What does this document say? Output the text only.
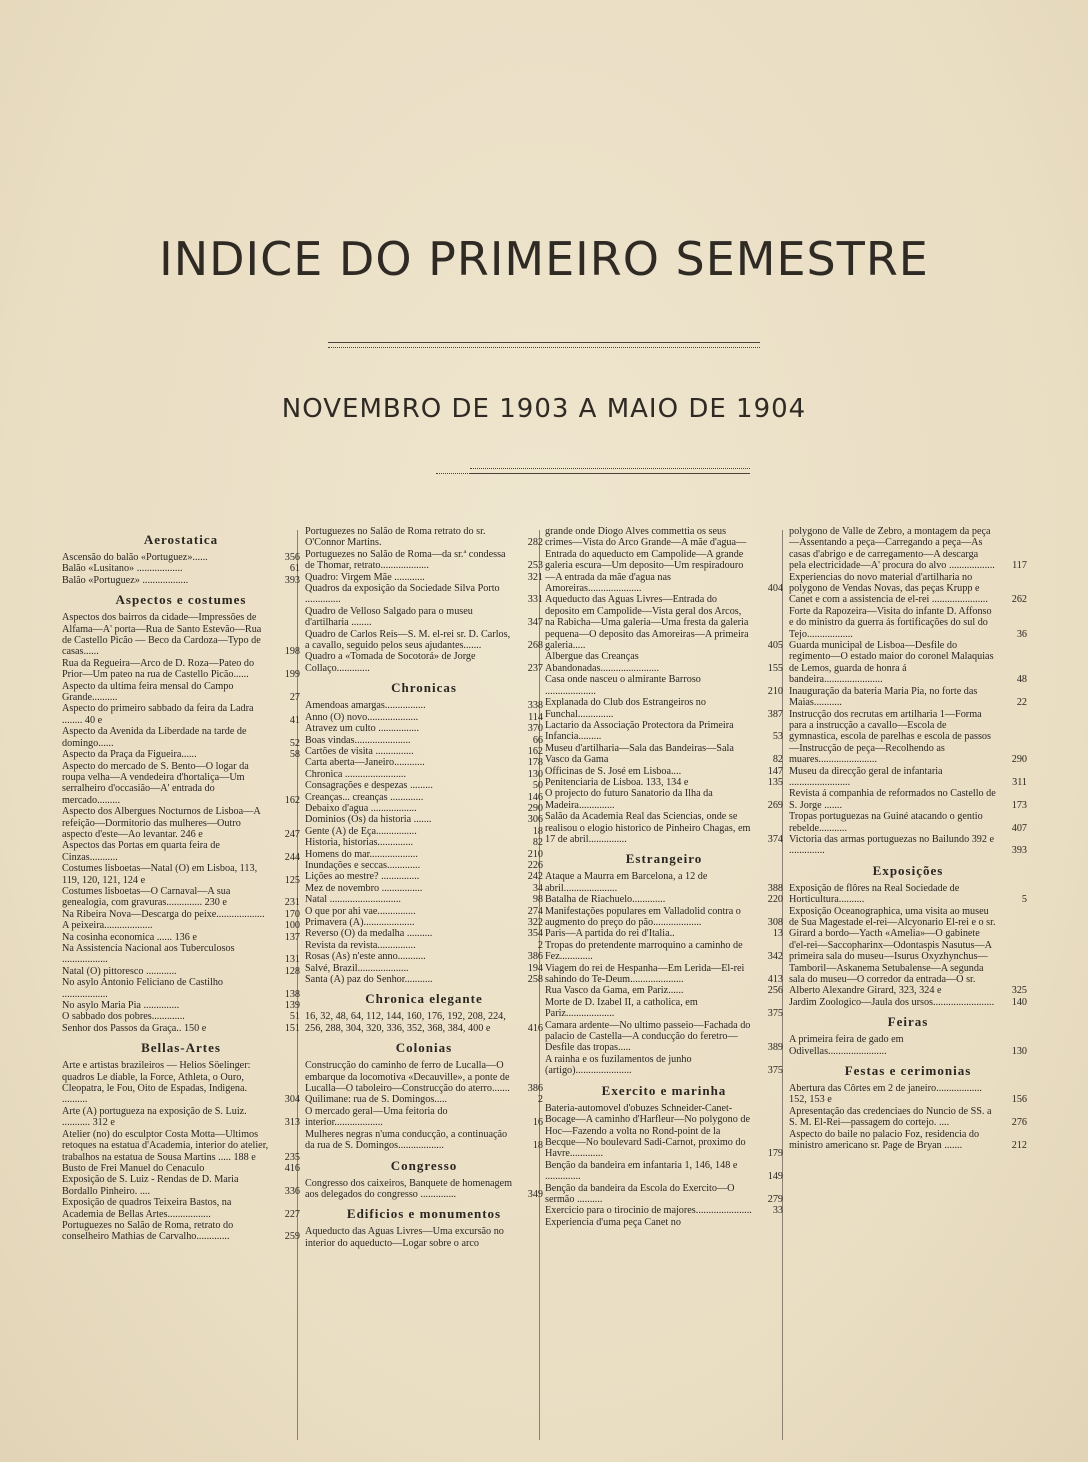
INDICE DO PRIMEIRO SEMESTRE
NOVEMBRO DE 1903 A MAIO DE 1904
Aerostatica
Ascensão do balão «Portuguez»......	356
Balão «Lusitano» ..................	61
Balão «Portuguez» ..................	393
Aspectos e costumes
Aspectos dos bairros da cidade—Impressões de Alfama—A' porta—Rua de Santo Estevão—Rua de Castello Picão — Beco da Cardoza—Typo de casas......	198
Rua da Regueira—Arco de D. Roza—Pateo do Prior—Um pateo na rua de Castello Picão......	199
Aspecto da ultima feira mensal do Campo Grande..........	27
Aspecto do primeiro sabbado da feira da Ladra ........ 40 e	41
Aspecto da Avenida da Liberdade na tarde de domingo......	52
Aspecto da Praça da Figueira......	58
Aspecto do mercado de S. Bento—O logar da roupa velha—A vendedeira d'hortaliça—Um serralheiro d'occasião—A' entrada do mercado.........	162
Aspecto dos Albergues Nocturnos de Lisboa—A refeição—Dormitorio das mulheres—Outro aspecto d'este—Ao levantar. 246 e	247
Aspectos das Portas em quarta feira de Cinzas...........	244
Costumes lisboetas—Natal (O) em Lisboa, 113, 119, 120, 121, 124 e	125
Costumes lisboetas—O Carnaval—A sua genealogia, com gravuras.............. 230 e	231
Na Ribeira Nova—Descarga do peixe...................	170
A peixeira...................	100
Na cosinha economica ...... 136 e	137
Na Assistencia Nacional aos Tuberculosos ..................	131
Natal (O) pittoresco ............	128
No asylo Antonio Feliciano de Castilho ..................	138
No asylo Maria Pia ..............	139
O sabbado dos pobres.............	51
Senhor dos Passos da Graça.. 150 e	151
Bellas-Artes
Arte e artistas brazileiros — Helios Söelinger: quadros Le diable, la Force, Athleta, o Ouro, Cleopatra, le Fou, Oito de Espadas, Indigena. ..........	304
Arte (A) portugueza na exposição de S. Luiz. ........... 312 e	313
Atelier (no) do esculptor Costa Motta—Ultimos retoques na estatua d'Academia, interior do atelier, trabalhos na estatua de Sousa Martins ..... 188 e	235
Busto de Frei Manuel do Cenaculo	416
Exposição de S. Luiz - Rendas de D. Maria Bordallo Pinheiro. ....	336
Exposição de quadros Teixeira Bastos, na Academia de Bellas Artes.................	227
Portuguezes no Salão de Roma, retrato do conselheiro Mathias de Carvalho.............	259
Portuguezes no Salão de Roma retrato do sr. O'Connor Martins.	282
Portuguezes no Salão de Roma—da sr.ª condessa de Thomar, retrato...................	253
Quadro: Virgem Mãe ............	321
Quadros da exposição da Sociedade Silva Porto ..............	331
Quadro de Velloso Salgado para o museu d'artilharia ........	347
Quadro de Carlos Reis—S. M. el-rei sr. D. Carlos, a cavallo, seguido pelos seus ajudantes.......	268
Quadro a «Tomada de Socotorá» de Jorge Collaço.............	237
Chronicas
Amendoas amargas................	338
Anno (O) novo....................	114
Atravez um culto ................	370
Boas vindas......................	66
Cartões de visita ...............	162
Carta aberta—Janeiro............	178
Chronica ........................	130
Consagrações e despezas .........	50
Creanças... creanças .............	146
Debaixo d'agua ..................	290
Dominios (Os) da historia .......	306
Gente (A) de Eça................	18
Historia, historias..............	82
Homens do mar...................	210
Inundações e seccas.............	226
Lições ao mestre? ...............	242
Mez de novembro ................	34
Natal ............................	98
O que por ahi vae...............	274
Primavera (A)....................	322
Reverso (O) da medalha ..........	354
Revista da revista...............	2
Rosas (As) n'este anno...........	386
Salvé, Brazil....................	194
Santa (A) paz do Senhor...........	258
Chronica elegante
16, 32, 48, 64, 112, 144, 160, 176, 192, 208, 224, 256, 288, 304, 320, 336, 352, 368, 384, 400 e	416
Colonias
Construcção do caminho de ferro de Lucalla—O embarque da locomotiva «Decauville», a ponte de Lucalla—O taboleiro—Construcção do aterro.......	386
Quilimane: rua de S. Domingos.....	2
O mercado geral—Uma feitoria do interior...................	16
Mulheres negras n'uma conducção, a continuação da rua de S. Domingos..................	18
Congresso
Congresso dos caixeiros, Banquete de homenagem aos delegados do congresso ..............	349
Edificios e monumentos
Aqueducto das Aguas Livres—Uma excursão no interior do aqueducto—Logar sobre o arco
grande onde Diogo Alves commettia os seus crimes—Vista do Arco Grande—A mãe d'agua—Entrada do aqueducto em Campolide—A grande galeria escura—Um deposito—Um respiradouro—A entrada da mãe d'agua nas Amoreiras.....................	404
Aqueducto das Aguas Livres—Entrada do deposito em Campolide—Vista geral dos Arcos, na Rabicha—Uma galeria—Uma fresta da galeria pequena—O deposito das Amoreiras—A primeira galeria.....	405
Albergue das Creanças Abandonadas.......................	155
Casa onde nasceu o almirante Barroso ....................	210
Explanada do Club dos Estrangeiros no Funchal..............	387
Lactario da Associação Protectora da Primeira Infancia.........	53
Museu d'artilharia—Sala das Bandeiras—Sala Vasco da Gama	82
Officinas de S. José em Lisboa....	147
Penitenciaria de Lisboa. 133, 134 e	135
O projecto do futuro Sanatorio da Ilha da Madeira..............	269
Salão da Academia Real das Sciencias, onde se realisou o elogio historico de Pinheiro Chagas, em 17 de abril...............	374
Estrangeiro
Ataque a Maurra em Barcelona, a 12 de abril.....................	388
Batalha de Riachuelo.............	220
Manifestações populares em Valladolid contra o augmento do preço do pão...................	308
Paris—A partida do rei d'Italia..	13
Tropas do pretendente marroquino a caminho de Fez.............	342
Viagem do rei de Hespanha—Em Lerida—El-rei sahindo do Te-Deum.....................	413
Rua Vasco da Gama, em Pariz......	256
Morte de D. Izabel II, a catholica, em Pariz...................	375
Camara ardente—No ultimo passeio—Fachada do palacio de Castella—A conducção do feretro—Desfile das tropas.....	389
A rainha e os fuzilamentos de junho (artigo)......................	375
Exercito e marinha
Bateria-automovel d'obuzes Schneider-Canet-Bocage—A caminho d'Harfleur—No polygono de Hoc—Fazendo a volta no Rond-point de la Becque—No boulevard Sadi-Carnot, proximo do Havre.............	179
Benção da bandeira em infantaria 1, 146, 148 e ..............	149
Benção da bandeira da Escola do Exercito—O sermão ..........	279
Exercicio para o tirocinio de majores......................	33
Experiencia d'uma peça Canet no
polygono de Valle de Zebro, a montagem da peça—Assentando a peça—Carregando a peça—As casas d'abrigo e de carregamento—A descarga pela electricidade—A' procura do alvo ..................	117
Experiencias do novo material d'artilharia no polygono de Vendas Novas, das peças Krupp e Canet e com a assistencia de el-rei ......................	262
Forte da Rapozeira—Visita do infante D. Affonso e do ministro da guerra ás fortificações do sul do Tejo..................	36
Guarda municipal de Lisboa—Desfile do regimento—O estado maior do coronel Malaquias de Lemos, guarda de honra á bandeira.......................	48
Inauguração da bateria Maria Pia, no forte das Maias...........	22
Instrucção dos recrutas em artilharia 1—Forma para a instrucção a cavallo—Escola de gymnastica, escola de parelhas e escola de passos—Instrucção de peça—Recolhendo as muares.......................	290
Museu da direcção geral de infantaria ........................	311
Revista á companhia de reformados no Castello de S. Jorge .......	173
Tropas portuguezas na Guiné atacando o gentio rebelde...........	407
Victoria das armas portuguezas no Bailundo 392 e ..............	393
Exposições
Exposição de flôres na Real Sociedade de Horticultura..........	5
Exposição Oceanographica, uma visita ao museu de Sua Magestade el-rei—Alcyonario El-rei e o sr. Girard a bordo—Yacth «Amelia»—O gabinete d'el-rei—Saccopharinx—Odontaspis Nasutus—A primeira sala do museu—Isurus Oxyzhynchus—Tamboril—Askanema Setubalense—A segunda sala do museu—O corredor da entrada—O sr. Alberto Alexandre Girard, 323, 324 e	325
Jardim Zoologico—Jaula dos ursos........................	140
Feiras
A primeira feira de gado em Odivellas.......................	130
Festas e cerimonias
Abertura das Côrtes em 2 de janeiro.................. 152, 153 e	156
Apresentação das credenciaes do Nuncio de SS. a S. M. El-Rei—passagem do cortejo. ....	276
Aspecto do baile no palacio Foz, residencia do ministro americano sr. Page de Bryan .......	212
